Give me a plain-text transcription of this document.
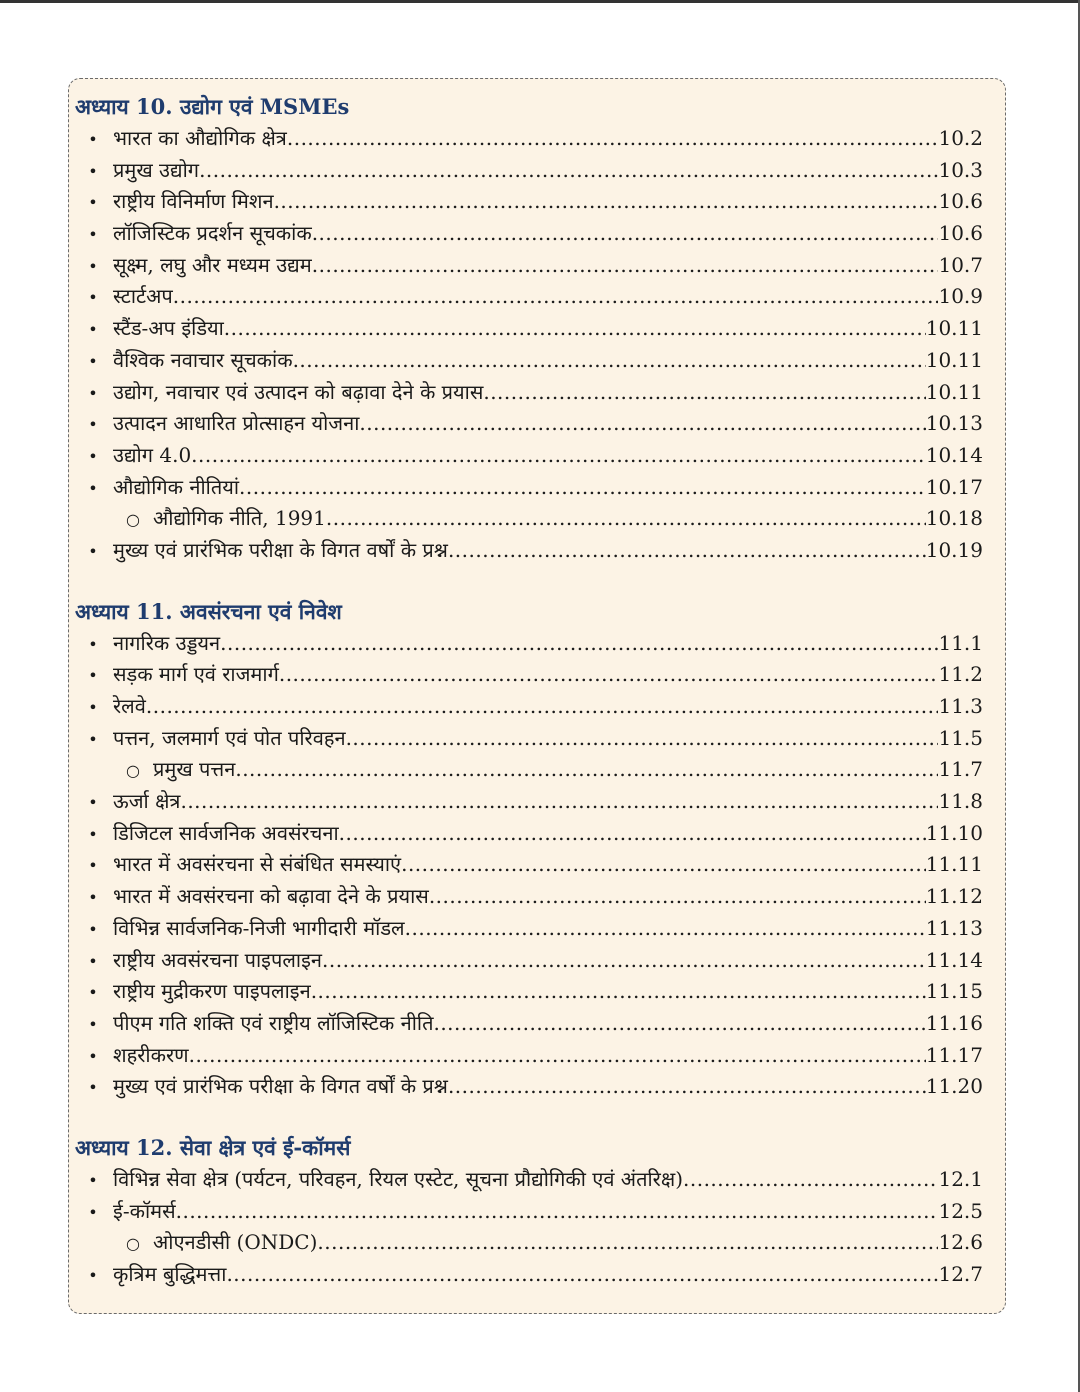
अध्याय 10. उद्योग एवं MSMEs
• भारत का औद्योगिक क्षेत्र .....	10.2
• प्रमुख उद्योग .....	10.3
• राष्ट्रीय विनिर्माण मिशन .....	10.6
• लॉजिस्टिक प्रदर्शन सूचकांक .....	10.6
• सूक्ष्म, लघु और मध्यम उद्यम .....	10.7
• स्टार्टअप .....	10.9
• स्टैंड-अप इंडिया .....	10.11
• वैश्विक नवाचार सूचकांक .....	10.11
• उद्योग, नवाचार एवं उत्पादन को बढ़ावा देने के प्रयास .....	10.11
• उत्पादन आधारित प्रोत्साहन योजना .....	10.13
• उद्योग 4.0 .....	10.14
• औद्योगिक नीतियां .....	10.17
○ औद्योगिक नीति, 1991 .....	10.18
• मुख्य एवं प्रारंभिक परीक्षा के विगत वर्षों के प्रश्न .....	10.19
अध्याय 11. अवसंरचना एवं निवेश
• नागरिक उड्डयन .....	11.1
• सड़क मार्ग एवं राजमार्ग .....	11.2
• रेलवे .....	11.3
• पत्तन, जलमार्ग एवं पोत परिवहन .....	11.5
○ प्रमुख पत्तन .....	11.7
• ऊर्जा क्षेत्र .....	11.8
• डिजिटल सार्वजनिक अवसंरचना .....	11.10
• भारत में अवसंरचना से संबंधित समस्याएं .....	11.11
• भारत में अवसंरचना को बढ़ावा देने के प्रयास .....	11.12
• विभिन्न सार्वजनिक-निजी भागीदारी मॉडल .....	11.13
• राष्ट्रीय अवसंरचना पाइपलाइन .....	11.14
• राष्ट्रीय मुद्रीकरण पाइपलाइन .....	11.15
• पीएम गति शक्ति एवं राष्ट्रीय लॉजिस्टिक नीति .....	11.16
• शहरीकरण .....	11.17
• मुख्य एवं प्रारंभिक परीक्षा के विगत वर्षों के प्रश्न .....	11.20
अध्याय 12. सेवा क्षेत्र एवं ई-कॉमर्स
• विभिन्न सेवा क्षेत्र (पर्यटन, परिवहन, रियल एस्टेट, सूचना प्रौद्योगिकी एवं अंतरिक्ष) .....	12.1
• ई-कॉमर्स .....	12.5
○ ओएनडीसी (ONDC) .....	12.6
• कृत्रिम बुद्धिमत्ता .....	12.7
